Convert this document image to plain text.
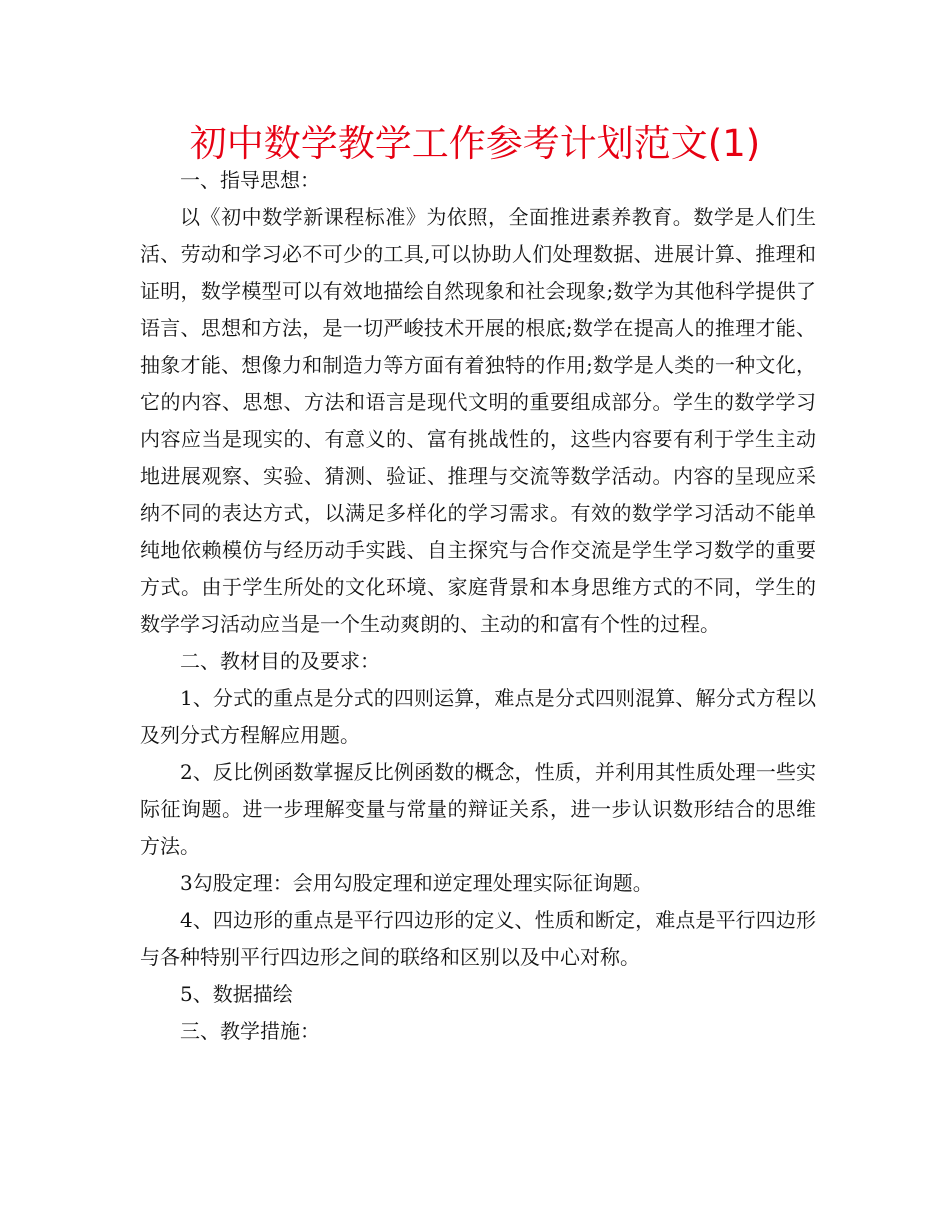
初中数学教学工作参考计划范文(1)

一、指导思想：

以《初中数学新课程标准》为依照，全面推进素养教育。数学是人们生活、劳动和学习必不可少的工具,可以协助人们处理数据、进展计算、推理和证明，数学模型可以有效地描绘自然现象和社会现象;数学为其他科学提供了语言、思想和方法，是一切严峻技术开展的根底;数学在提高人的推理才能、抽象才能、想像力和制造力等方面有着独特的作用;数学是人类的一种文化，它的内容、思想、方法和语言是现代文明的重要组成部分。学生的数学学习内容应当是现实的、有意义的、富有挑战性的，这些内容要有利于学生主动地进展观察、实验、猜测、验证、推理与交流等数学活动。内容的呈现应采纳不同的表达方式，以满足多样化的学习需求。有效的数学学习活动不能单纯地依赖模仿与经历动手实践、自主探究与合作交流是学生学习数学的重要方式。由于学生所处的文化环境、家庭背景和本身思维方式的不同，学生的数学学习活动应当是一个生动爽朗的、主动的和富有个性的过程。

二、教材目的及要求：

1、分式的重点是分式的四则运算，难点是分式四则混算、解分式方程以及列分式方程解应用题。

2、反比例函数掌握反比例函数的概念，性质，并利用其性质处理一些实际征询题。进一步理解变量与常量的辩证关系，进一步认识数形结合的思维方法。

3勾股定理：会用勾股定理和逆定理处理实际征询题。

4、四边形的重点是平行四边形的定义、性质和断定，难点是平行四边形与各种特别平行四边形之间的联络和区别以及中心对称。

5、数据描绘

三、教学措施：
